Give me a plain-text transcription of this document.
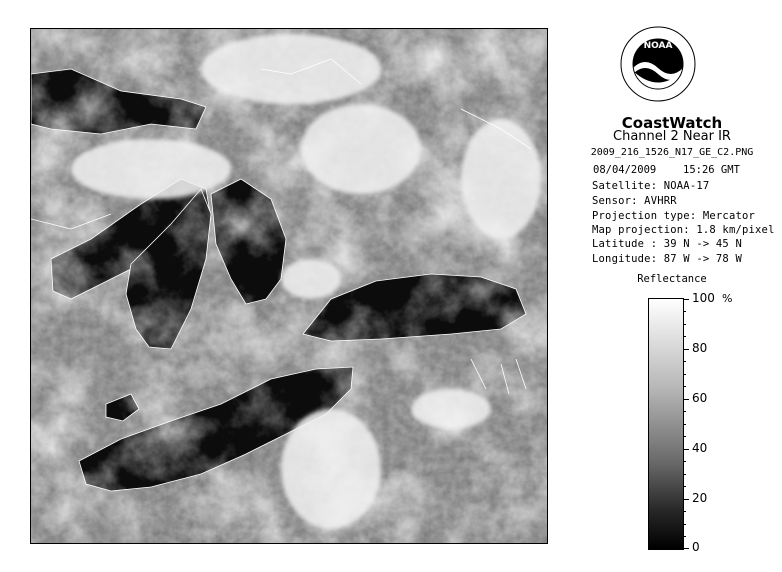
NOAA
CoastWatch
Channel 2 Near IR
2009_216_1526_N17_GE_C2.PNG
08/04/2009	15:26 GMT
Satellite: NOAA-17
Sensor: AVHRR
Projection type: Mercator
Map projection: 1.8 km/pixel
Latitude : 39 N -> 45 N
Longitude: 87 W -> 78 W
Reflectance
%
100
80
60
40
20
0
